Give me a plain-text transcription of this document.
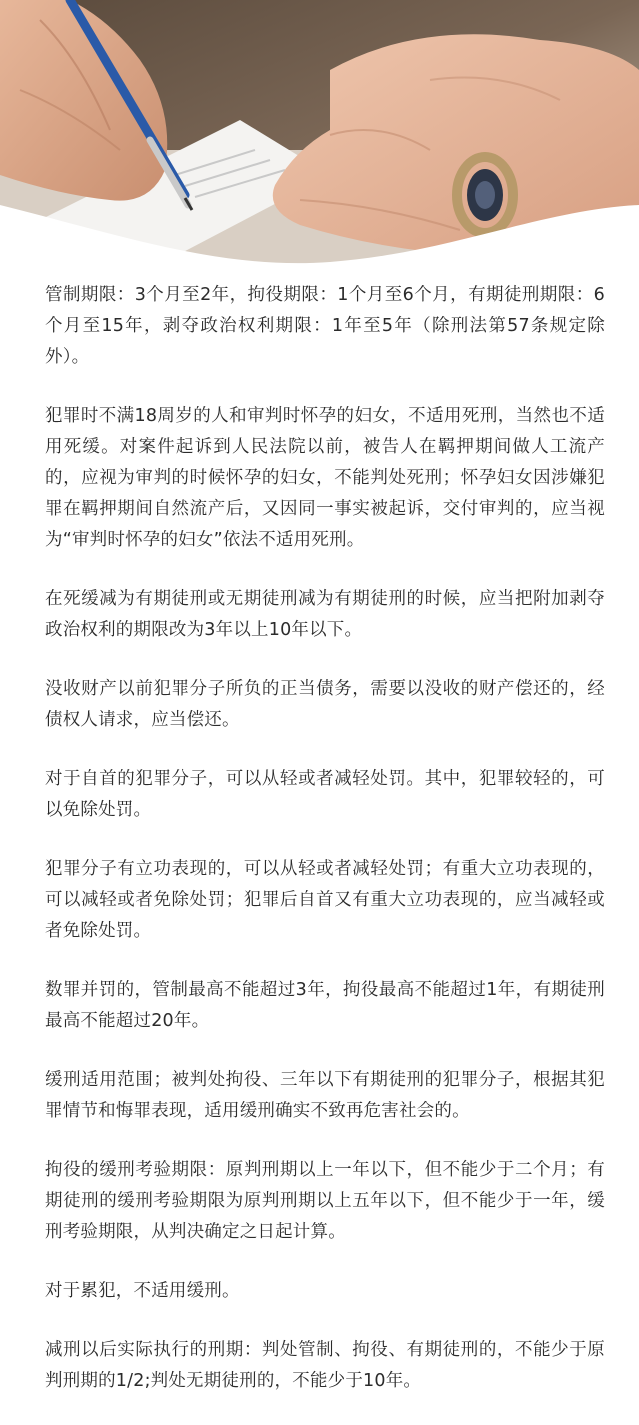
管制期限：3个月至2年，拘役期限：1个月至6个月，有期徒刑期限：6个月至15年，剥夺政治权利期限：1年至5年（除刑法第57条规定除外）。

犯罪时不满18周岁的人和审判时怀孕的妇女，不适用死刑，当然也不适用死缓。对案件起诉到人民法院以前，被告人在羁押期间做人工流产的，应视为审判的时候怀孕的妇女，不能判处死刑；怀孕妇女因涉嫌犯罪在羁押期间自然流产后，又因同一事实被起诉，交付审判的，应当视为“审判时怀孕的妇女”依法不适用死刑。

在死缓减为有期徒刑或无期徒刑减为有期徒刑的时候，应当把附加剥夺政治权利的期限改为3年以上10年以下。

没收财产以前犯罪分子所负的正当债务，需要以没收的财产偿还的，经债权人请求，应当偿还。

对于自首的犯罪分子，可以从轻或者减轻处罚。其中，犯罪较轻的，可以免除处罚。

犯罪分子有立功表现的，可以从轻或者减轻处罚；有重大立功表现的，可以减轻或者免除处罚；犯罪后自首又有重大立功表现的，应当减轻或者免除处罚。

数罪并罚的，管制最高不能超过3年，拘役最高不能超过1年，有期徒刑最高不能超过20年。

缓刑适用范围；被判处拘役、三年以下有期徒刑的犯罪分子，根据其犯罪情节和悔罪表现，适用缓刑确实不致再危害社会的。

拘役的缓刑考验期限：原判刑期以上一年以下，但不能少于二个月；有期徒刑的缓刑考验期限为原判刑期以上五年以下，但不能少于一年，缓刑考验期限，从判决确定之日起计算。

对于累犯，不适用缓刑。

减刑以后实际执行的刑期：判处管制、拘役、有期徒刑的，不能少于原判刑期的1/2;判处无期徒刑的，不能少于10年。
